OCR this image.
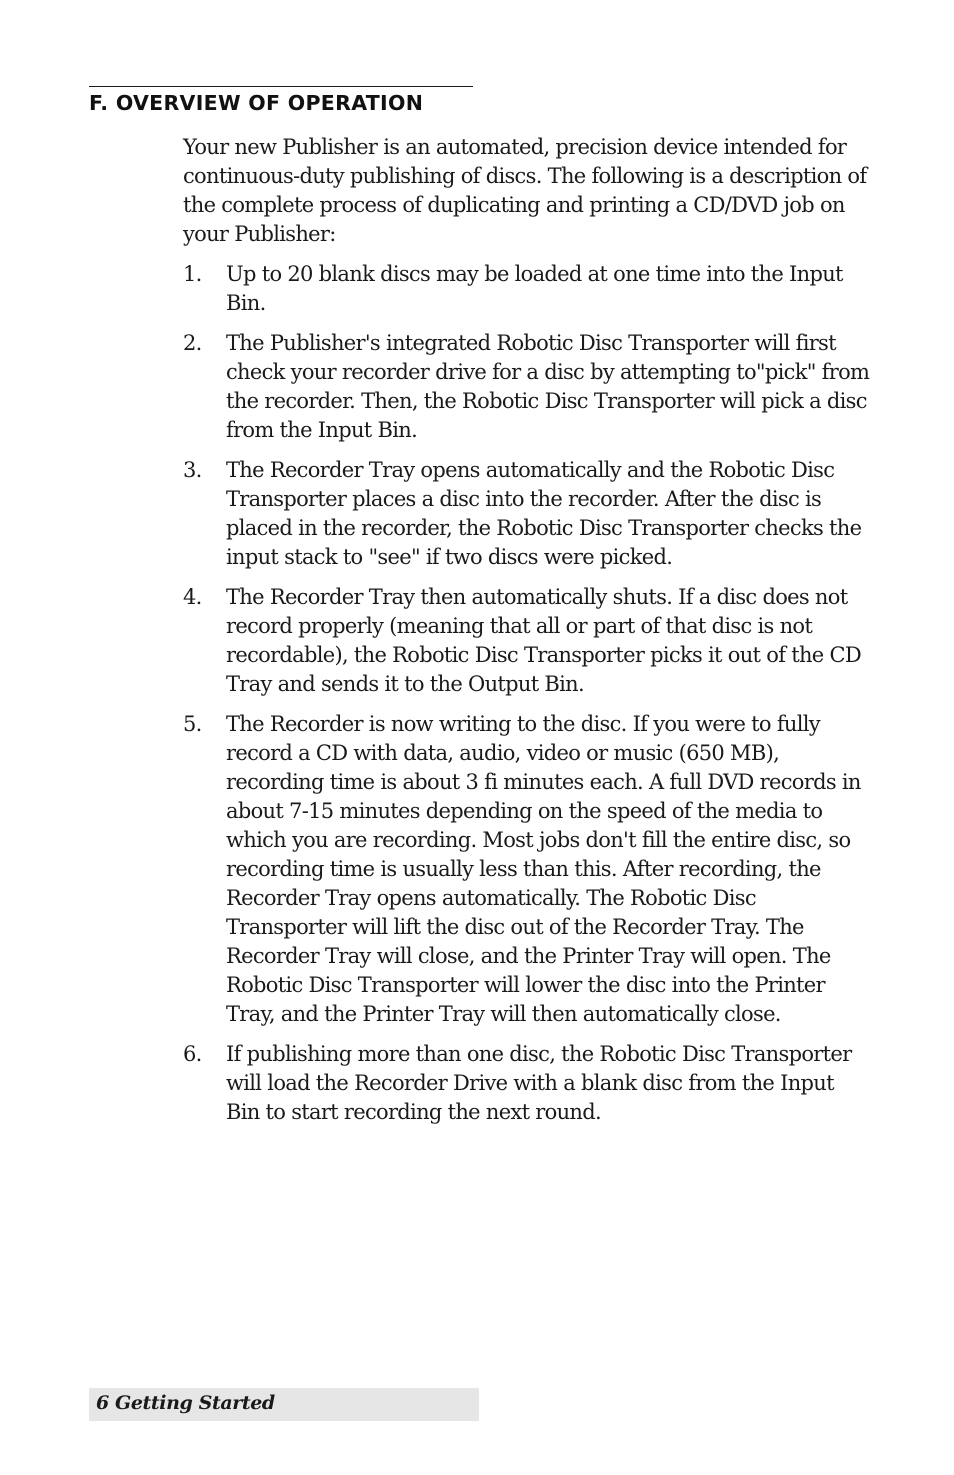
F. OVERVIEW OF OPERATION

Your new Publisher is an automated, precision device intended for continuous-duty publishing of discs. The following is a description of the complete process of duplicating and printing a CD/DVD job on your Publisher:

1.	Up to 20 blank discs may be loaded at one time into the Input Bin.
2.	The Publisher's integrated Robotic Disc Transporter will first check your recorder drive for a disc by attempting to"pick" from the recorder. Then, the Robotic Disc Transporter will pick a disc from the Input Bin.
3.	The Recorder Tray opens automatically and the Robotic Disc Transporter places a disc into the recorder. After the disc is placed in the recorder, the Robotic Disc Transporter checks the input stack to "see" if two discs were picked.
4.	The Recorder Tray then automatically shuts. If a disc does not record properly (meaning that all or part of that disc is not recordable), the Robotic Disc Transporter picks it out of the CD Tray and sends it to the Output Bin.
5.	The Recorder is now writing to the disc. If you were to fully record a CD with data, audio, video or music (650 MB), recording time is about 3 fi minutes each. A full DVD records in about 7-15 minutes depending on the speed of the media to which you are recording. Most jobs don't fill the entire disc, so recording time is usually less than this. After recording, the Recorder Tray opens automatically. The Robotic Disc Transporter will lift the disc out of the Recorder Tray. The Recorder Tray will close, and the Printer Tray will open. The Robotic Disc Transporter will lower the disc into the Printer Tray, and the Printer Tray will then automatically close.
6.	If publishing more than one disc, the Robotic Disc Transporter will load the Recorder Drive with a blank disc from the Input Bin to start recording the next round.
6 Getting Started
